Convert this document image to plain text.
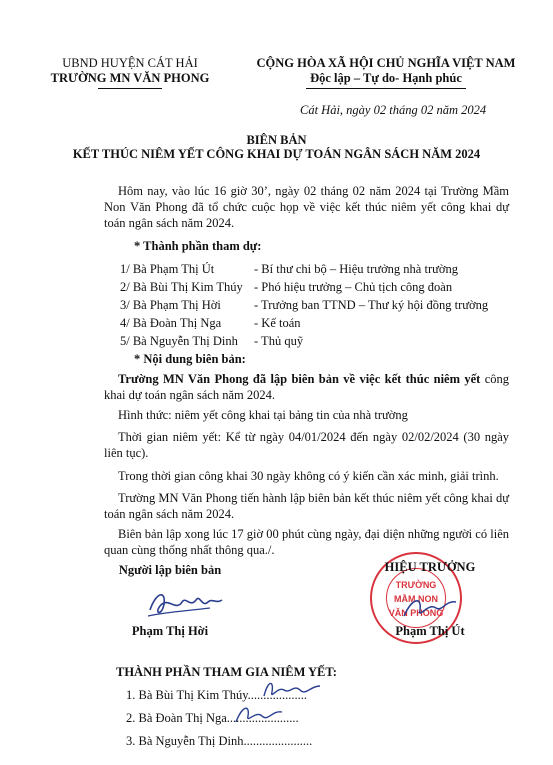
UBND HUYỆN CÁT HẢI
TRƯỜNG MN VĂN PHONG
CỘNG HÒA XÃ HỘI CHỦ NGHĨA VIỆT NAM
Độc lập – Tự do- Hạnh phúc
Cát Hải, ngày 02 tháng 02 năm 2024
BIÊN BẢN
KẾT THÚC NIÊM YẾT CÔNG KHAI DỰ TOÁN NGÂN SÁCH NĂM 2024
Hôm nay, vào lúc 16 giờ 30’, ngày 02 tháng 02 năm 2024 tại Trường Mầm Non Văn Phong đã tổ chức cuộc họp về việc kết thúc niêm yết công khai dự toán ngân sách năm 2024.
* Thành phần tham dự:
1/ Bà Phạm Thị Út	- Bí thư chi bộ – Hiệu trưởng nhà trường
2/ Bà Bùi Thị Kim Thúy - Phó hiệu trưởng – Chủ tịch công đoàn
3/ Bà Phạm Thị Hời	- Trưởng ban TTND – Thư ký hội đồng trường
4/ Bà Đoàn Thị Nga	- Kế toán
5/ Bà Nguyễn Thị Dinh - Thủ quỹ
* Nội dung biên bản:
Trường MN Văn Phong đã lập biên bản về việc kết thúc niêm yết công khai dự toán ngân sách năm 2024.
Hình thức: niêm yết công khai tại bảng tin của nhà trường
Thời gian niêm yết: Kể từ ngày 04/01/2024 đến ngày 02/02/2024 (30 ngày liên tục).
Trong thời gian công khai 30 ngày không có ý kiến cần xác minh, giải trình.
Trường MN Văn Phong tiến hành lập biên bản kết thúc niêm yết công khai dự toán ngân sách năm 2024.
Biên bản lập xong lúc 17 giờ 00 phút cùng ngày, đại diện những người có liên quan cùng thống nhất thông qua./.
Người lập biên bản
Phạm Thị Hời
TRƯỜNG
MẦM NON
VĂN PHONG
HIỆU TRƯỞNG
Phạm Thị Út
THÀNH PHẦN THAM GIA NIÊM YẾT:
1. Bà Bùi Thị Kim Thúy...................
2. Bà Đoàn Thị Nga.......................
3. Bà Nguyễn Thị Dinh......................
